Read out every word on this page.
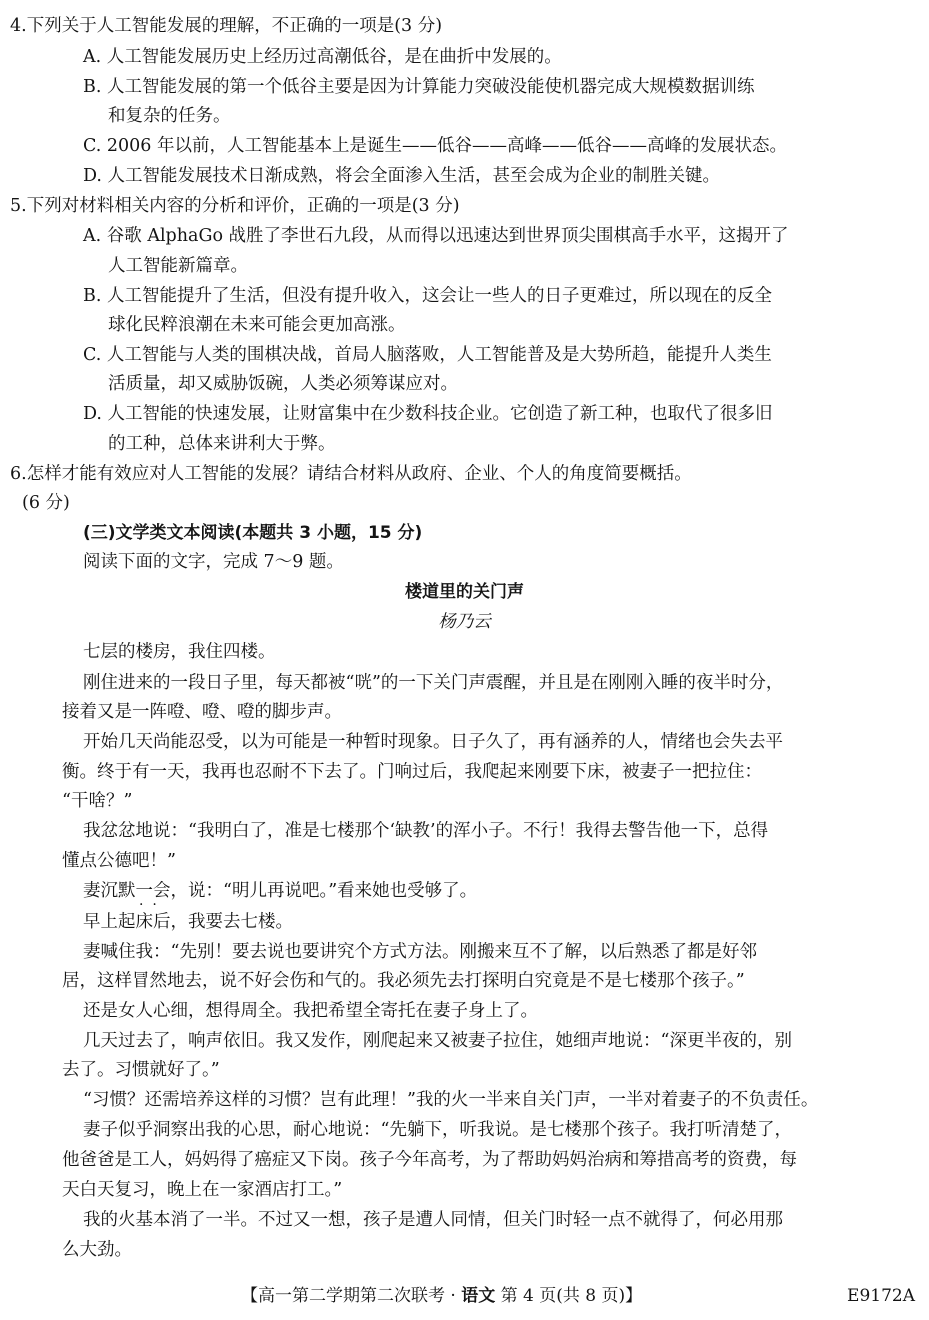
4.下列关于人工智能发展的理解，不正确的一项是(3 分)
A. 人工智能发展历史上经历过高潮低谷，是在曲折中发展的。
B. 人工智能发展的第一个低谷主要是因为计算能力突破没能使机器完成大规模数据训练
和复杂的任务。
C. 2006 年以前，人工智能基本上是诞生——低谷——高峰——低谷——高峰的发展状态。
D. 人工智能发展技术日渐成熟，将会全面渗入生活，甚至会成为企业的制胜关键。
5.下列对材料相关内容的分析和评价，正确的一项是(3 分)
A. 谷歌 AlphaGo 战胜了李世石九段，从而得以迅速达到世界顶尖围棋高手水平，这揭开了
人工智能新篇章。
B. 人工智能提升了生活，但没有提升收入，这会让一些人的日子更难过，所以现在的反全
球化民粹浪潮在未来可能会更加高涨。
C. 人工智能与人类的围棋决战，首局人脑落败，人工智能普及是大势所趋，能提升人类生
活质量，却又威胁饭碗，人类必须筹谋应对。
D. 人工智能的快速发展，让财富集中在少数科技企业。它创造了新工种，也取代了很多旧
的工种，总体来讲利大于弊。
6.怎样才能有效应对人工智能的发展？请结合材料从政府、企业、个人的角度简要概括。
(6 分)
(三)文学类文本阅读(本题共 3 小题，15 分)
阅读下面的文字，完成 7～9 题。
楼道里的关门声
杨乃云
七层的楼房，我住四楼。
刚住进来的一段日子里，每天都被“咣”的一下关门声震醒，并且是在刚刚入睡的夜半时分，
接着又是一阵噔、噔、噔的脚步声。
开始几天尚能忍受，以为可能是一种暂时现象。日子久了，再有涵养的人，情绪也会失去平
衡。终于有一天，我再也忍耐不下去了。门响过后，我爬起来刚要下床，被妻子一把拉住：
“干啥？”
我忿忿地说：“我明白了，准是七楼那个‘缺教’的浑小子。不行！我得去警告他一下，总得
懂点公德吧！”
妻沉默一会，说：“明儿再说吧。”看来她也受够了。
·  ·
早上起床后，我要去七楼。
妻喊住我：“先别！要去说也要讲究个方式方法。刚搬来互不了解，以后熟悉了都是好邻
居，这样冒然地去，说不好会伤和气的。我必须先去打探明白究竟是不是七楼那个孩子。”
还是女人心细，想得周全。我把希望全寄托在妻子身上了。
几天过去了，响声依旧。我又发作，刚爬起来又被妻子拉住，她细声地说：“深更半夜的，别
去了。习惯就好了。”
“习惯？还需培养这样的习惯？岂有此理！”我的火一半来自关门声，一半对着妻子的不负责任。
妻子似乎洞察出我的心思，耐心地说：“先躺下，听我说。是七楼那个孩子。我打听清楚了，
他爸爸是工人，妈妈得了癌症又下岗。孩子今年高考，为了帮助妈妈治病和筹措高考的资费，每
天白天复习，晚上在一家酒店打工。”
我的火基本消了一半。不过又一想，孩子是遭人同情，但关门时轻一点不就得了，何必用那
么大劲。
【高一第二学期第二次联考 · 语文 第 4 页(共 8 页)】	E9172A
